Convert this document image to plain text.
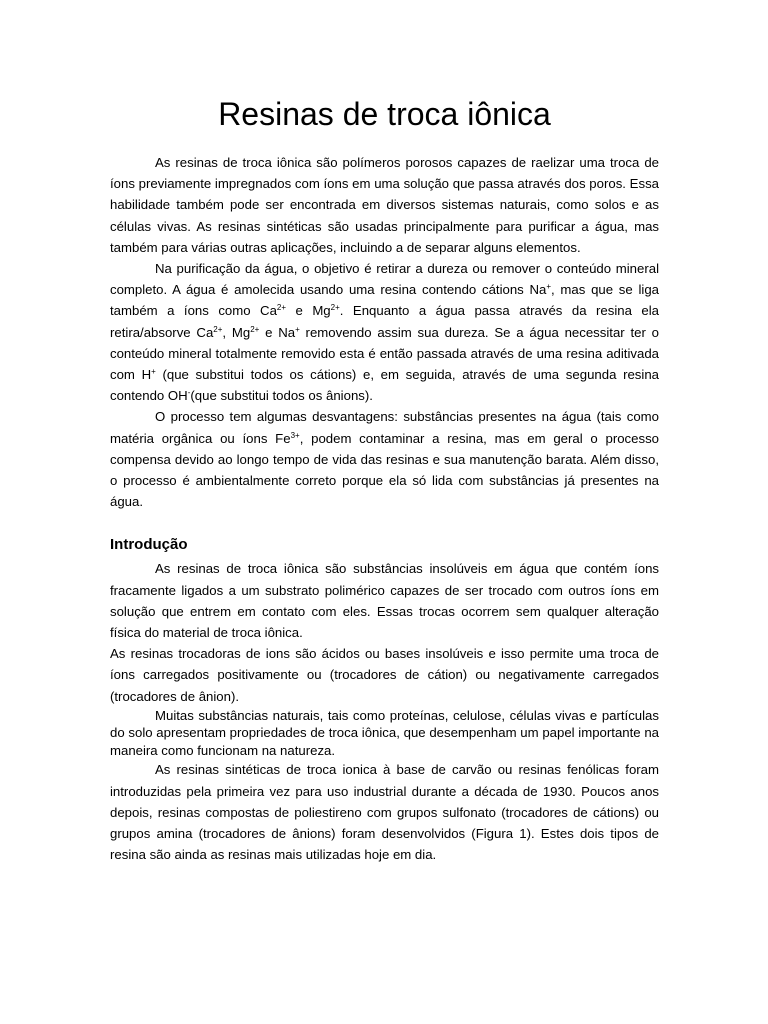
Resinas de troca iônica

As resinas de troca iônica são polímeros porosos capazes de raelizar uma troca de íons previamente impregnados com íons em uma solução que passa através dos poros. Essa habilidade também pode ser encontrada em diversos sistemas naturais, como solos e as células vivas. As resinas sintéticas são usadas principalmente para purificar a água, mas também para várias outras aplicações, incluindo a de separar alguns elementos.

Na purificação da água, o objetivo é retirar a dureza ou remover o conteúdo mineral completo. A água é amolecida usando uma resina contendo cátions Na+, mas que se liga também a íons como $Ca^{2+}$ e $Mg^{2+}$. Enquanto a água passa através da resina ela retira/absorve $Ca^{2+}$, $Mg^{2+}$ e Na+ removendo assim sua dureza. Se a água necessitar ter o conteúdo mineral totalmente removido esta é então passada através de uma resina aditivada com H+ (que substitui todos os cátions) e, em seguida, através de uma segunda resina contendo OH-(que substitui todos os ânions).

O processo tem algumas desvantagens: substâncias presentes na água (tais como matéria orgânica ou íons $Fe^{3+}$, podem contaminar a resina, mas em geral o processo compensa devido ao longo tempo de vida das resinas e sua manutenção barata. Além disso, o processo é ambientalmente correto porque ela só lida com substâncias já presentes na água.

Introdução

As resinas de troca iônica são substâncias insolúveis em água que contém íons fracamente ligados a um substrato polimérico capazes de ser trocado com outros íons em solução que entrem em contato com eles. Essas trocas ocorrem sem qualquer alteração física do material de troca iônica.

As resinas trocadoras de ions são ácidos ou bases insolúveis e isso permite uma troca de íons carregados positivamente ou (trocadores de cátion) ou negativamente carregados (trocadores de ânion).

Muitas substâncias naturais, tais como proteínas, celulose, células vivas e partículas do solo apresentam propriedades de troca iônica, que desempenham um papel importante na maneira como funcionam na natureza.

As resinas sintéticas de troca ionica à base de carvão ou resinas fenólicas foram introduzidas pela primeira vez para uso industrial durante a década de 1930. Poucos anos depois, resinas compostas de poliestireno com grupos sulfonato (trocadores de cátions) ou grupos amina (trocadores de ânions) foram desenvolvidos (Figura 1). Estes dois tipos de resina são ainda as resinas mais utilizadas hoje em dia.
